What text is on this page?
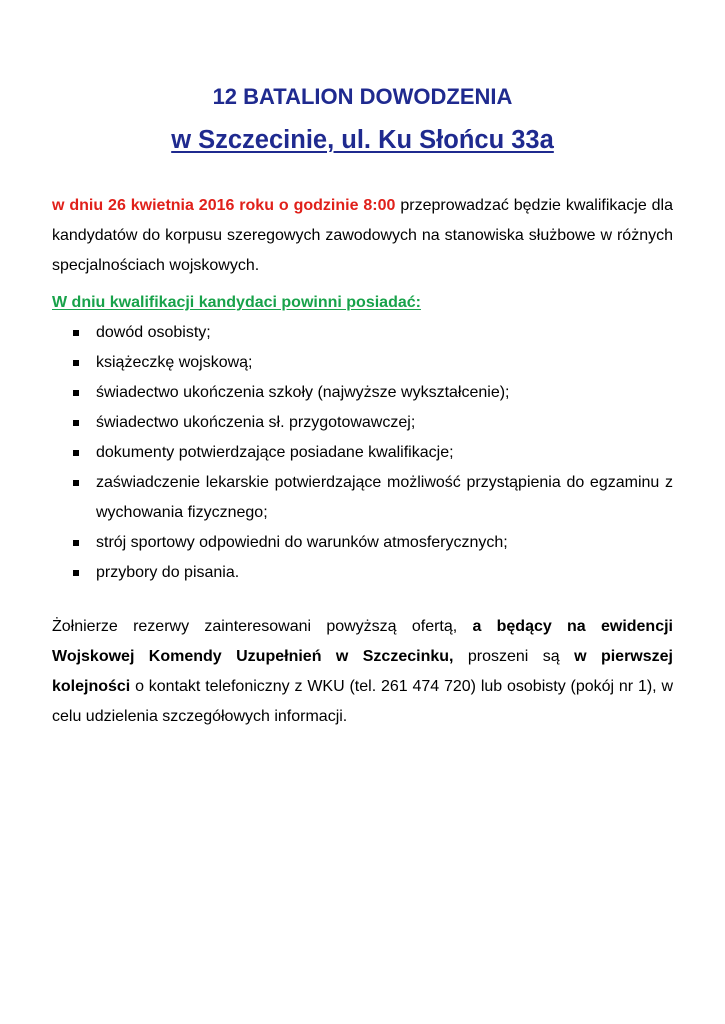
12 BATALION DOWODZENIA
w Szczecinie, ul. Ku Słońcu 33a
w dniu 26 kwietnia 2016 roku o godzinie 8:00 przeprowadzać będzie kwalifikacje dla kandydatów do korpusu szeregowych zawodowych na stanowiska służbowe w różnych specjalnościach wojskowych.
W dniu kwalifikacji kandydaci powinni posiadać:
dowód osobisty;
książeczkę wojskową;
świadectwo ukończenia szkoły (najwyższe wykształcenie);
świadectwo ukończenia sł. przygotowawczej;
dokumenty potwierdzające posiadane kwalifikacje;
zaświadczenie lekarskie potwierdzające możliwość przystąpienia do egzaminu z wychowania fizycznego;
strój sportowy odpowiedni do warunków atmosferycznych;
przybory do pisania.
Żołnierze rezerwy zainteresowani powyższą ofertą, a będący na ewidencji Wojskowej Komendy Uzupełnień w Szczecinku, proszeni są w pierwszej kolejności o kontakt telefoniczny z WKU (tel. 261 474 720) lub osobisty (pokój nr 1), w celu udzielenia szczegółowych informacji.
